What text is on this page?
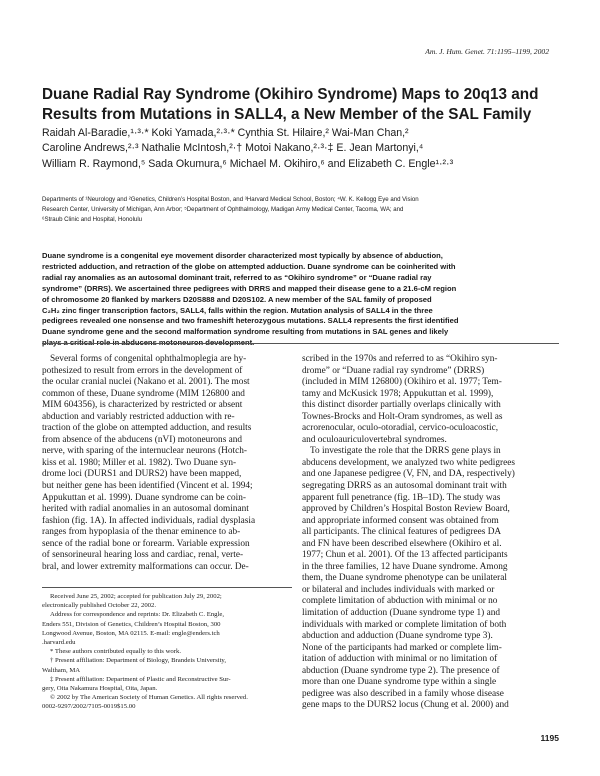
Am. J. Hum. Genet. 71:1195–1199, 2002
Duane Radial Ray Syndrome (Okihiro Syndrome) Maps to 20q13 and
Results from Mutations in SALL4, a New Member of the SAL Family
Raidah Al-Baradie,¹·³·* Koki Yamada,²·³·* Cynthia St. Hilaire,² Wai-Man Chan,²
Caroline Andrews,²·³ Nathalie McIntosh,²·† Motoi Nakano,²·³·‡ E. Jean Martonyi,⁴
William R. Raymond,⁵ Sada Okumura,⁶ Michael M. Okihiro,⁶ and Elizabeth C. Engle¹·²·³
Departments of ¹Neurology and ²Genetics, Children’s Hospital Boston, and ³Harvard Medical School, Boston; ⁴W. K. Kellogg Eye and Vision
Research Center, University of Michigan, Ann Arbor; ⁵Department of Ophthalmology, Madigan Army Medical Center, Tacoma, WA; and
⁶Straub Clinic and Hospital, Honolulu
Duane syndrome is a congenital eye movement disorder characterized most typically by absence of abduction,
restricted adduction, and retraction of the globe on attempted adduction. Duane syndrome can be coinherited with
radial ray anomalies as an autosomal dominant trait, referred to as “Okihiro syndrome” or “Duane radial ray
syndrome” (DRRS). We ascertained three pedigrees with DRRS and mapped their disease gene to a 21.6-cM region
of chromosome 20 flanked by markers D20S888 and D20S102. A new member of the SAL family of proposed
C₂H₂ zinc finger transcription factors, SALL4, falls within the region. Mutation analysis of SALL4 in the three
pedigrees revealed one nonsense and two frameshift heterozygous mutations. SALL4 represents the first identified
Duane syndrome gene and the second malformation syndrome resulting from mutations in SAL genes and likely
plays a critical role in abducens motoneuron development.
Several forms of congenital ophthalmoplegia are hy-
pothesized to result from errors in the development of
the ocular cranial nuclei (Nakano et al. 2001). The most
common of these, Duane syndrome (MIM 126800 and
MIM 604356), is characterized by restricted or absent
abduction and variably restricted adduction with re-
traction of the globe on attempted adduction, and results
from absence of the abducens (nVI) motoneurons and
nerve, with sparing of the internuclear neurons (Hotch-
kiss et al. 1980; Miller et al. 1982). Two Duane syn-
drome loci (DURS1 and DURS2) have been mapped,
but neither gene has been identified (Vincent et al. 1994;
Appukuttan et al. 1999). Duane syndrome can be coin-
herited with radial anomalies in an autosomal dominant
fashion (fig. 1A). In affected individuals, radial dysplasia
ranges from hypoplasia of the thenar eminence to ab-
sence of the radial bone or forearm. Variable expression
of sensorineural hearing loss and cardiac, renal, verte-
bral, and lower extremity malformations can occur. De-
scribed in the 1970s and referred to as “Okihiro syn-
drome” or “Duane radial ray syndrome” (DRRS)
(included in MIM 126800) (Okihiro et al. 1977; Tem-
tamy and McKusick 1978; Appukuttan et al. 1999),
this distinct disorder partially overlaps clinically with
Townes-Brocks and Holt-Oram syndromes, as well as
acrorenocular, oculo-otoradial, cervico-oculoacostic,
and oculoauriculovertebral syndromes.
To investigate the role that the DRRS gene plays in
abducens development, we analyzed two white pedigrees
and one Japanese pedigree (V, FN, and DA, respectively)
segregating DRRS as an autosomal dominant trait with
apparent full penetrance (fig. 1B–1D). The study was
approved by Children’s Hospital Boston Review Board,
and appropriate informed consent was obtained from
all participants. The clinical features of pedigrees DA
and FN have been described elsewhere (Okihiro et al.
1977; Chun et al. 2001). Of the 13 affected participants
in the three families, 12 have Duane syndrome. Among
them, the Duane syndrome phenotype can be unilateral
or bilateral and includes individuals with marked or
complete limitation of abduction with minimal or no
limitation of adduction (Duane syndrome type 1) and
individuals with marked or complete limitation of both
abduction and adduction (Duane syndrome type 3).
None of the participants had marked or complete lim-
itation of adduction with minimal or no limitation of
abduction (Duane syndrome type 2). The presence of
more than one Duane syndrome type within a single
pedigree was also described in a family whose disease
gene maps to the DURS2 locus (Chung et al. 2000) and
Received June 25, 2002; accepted for publication July 29, 2002;
electronically published October 22, 2002.
Address for correspondence and reprints: Dr. Elizabeth C. Engle,
Enders 551, Division of Genetics, Children’s Hospital Boston, 300
Longwood Avenue, Boston, MA 02115. E-mail: engle@enders.tch
.harvard.edu
* These authors contributed equally to this work.
† Present affiliation: Department of Biology, Brandeis University,
Waltham, MA
‡ Present affiliation: Department of Plastic and Reconstructive Sur-
gery, Oita Nakamura Hospital, Oita, Japan.
© 2002 by The American Society of Human Genetics. All rights reserved.
0002-9297/2002/7105-0019$15.00
1195
